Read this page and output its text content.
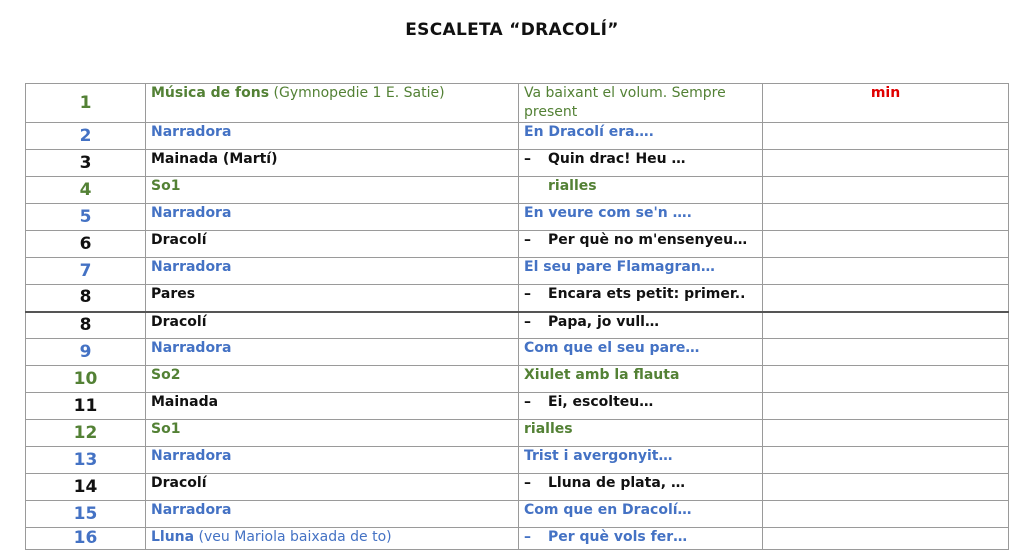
ESCALETA “DRACOLÍ”
1	Música de fons (Gymnopedie 1 E. Satie)	Va baixant el volum. Sempre present	min
2	Narradora	En Dracolí era….	
3	Mainada (Martí)	– Quin drac! Heu …	
4	So1	rialles	
5	Narradora	En veure com se'n ….	
6	Dracolí	– Per què no m'ensenyeu…	
7	Narradora	El seu pare Flamagran…	
8	Pares	– Encara ets petit: primer..	
8	Dracolí	– Papa, jo vull…	
9	Narradora	Com que el seu pare…	
10	So2	Xiulet amb la flauta	
11	Mainada	– Ei, escolteu…	
12	So1	rialles	
13	Narradora	Trist i avergonyit…	
14	Dracolí	– Lluna de plata, …	
15	Narradora	Com que en Dracolí…	
16	Lluna (veu Mariola baixada de to)	– Per què vols fer…	
